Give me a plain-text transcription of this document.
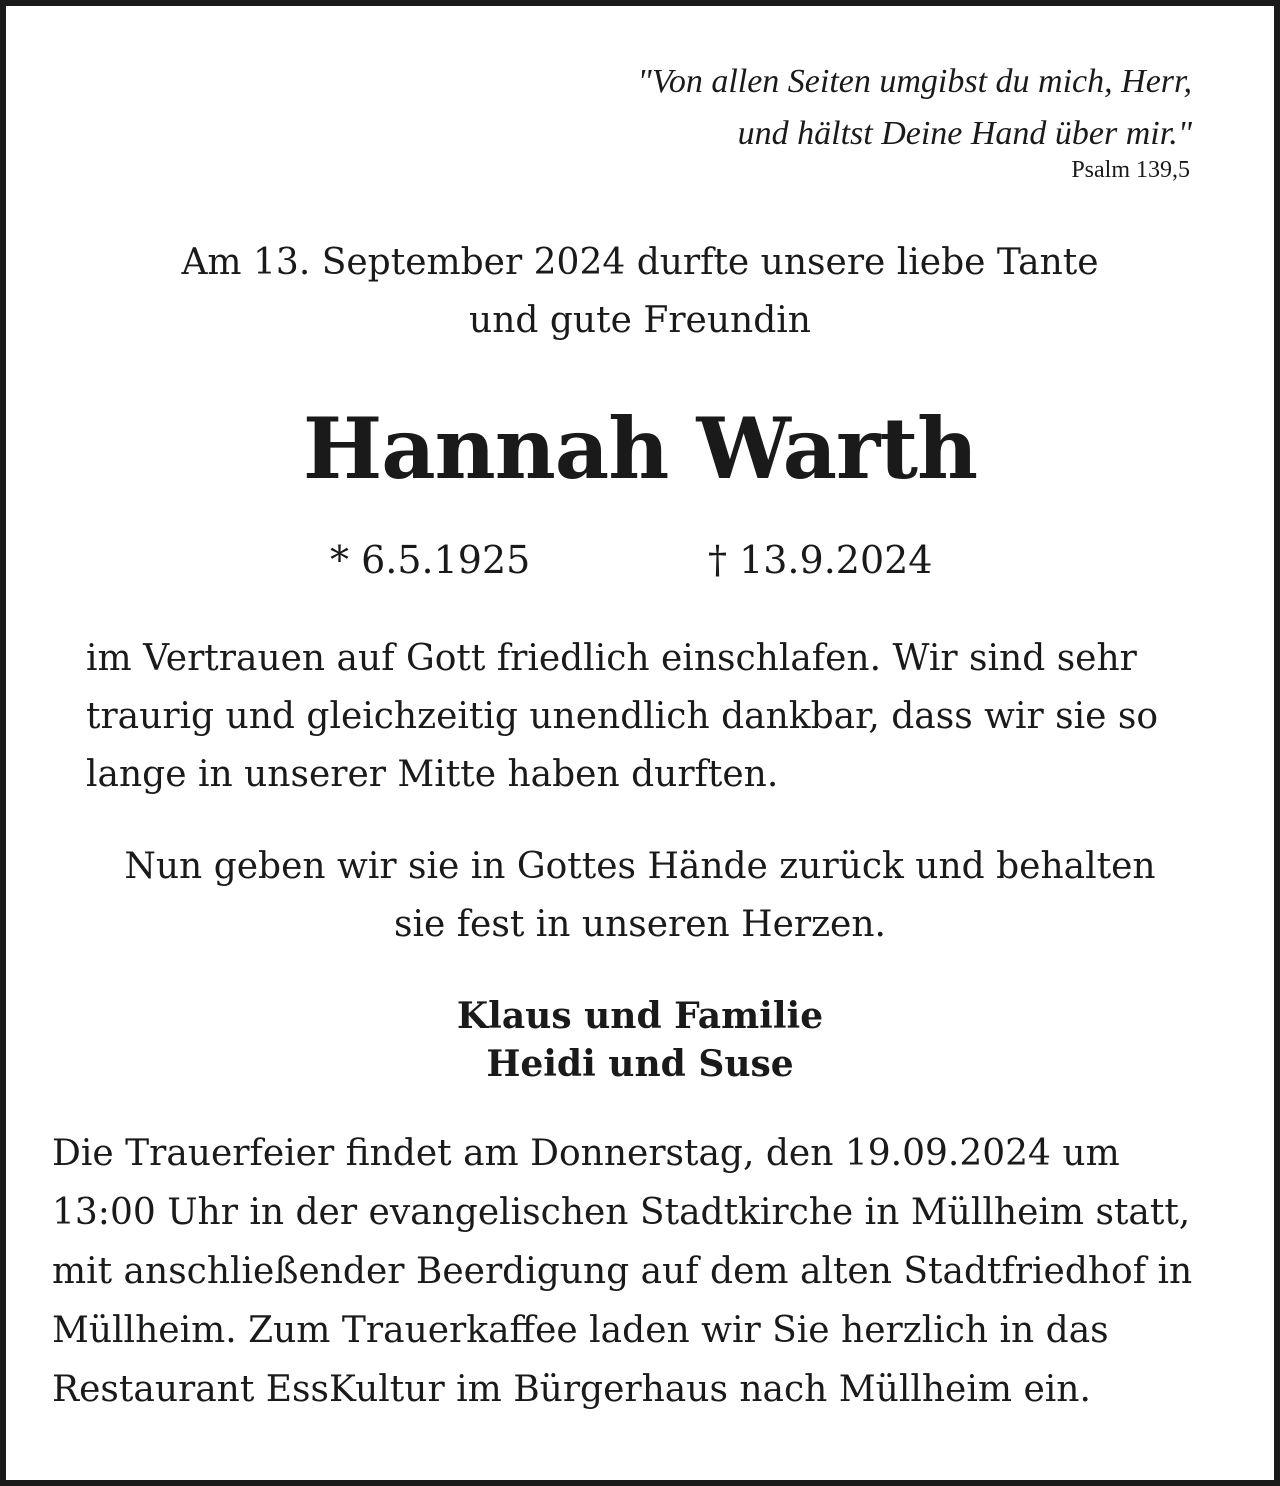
"Von allen Seiten umgibst du mich, Herr,
und hältst Deine Hand über mir."
Psalm 139,5
Am 13. September 2024 durfte unsere liebe Tante
und gute Freundin
Hannah Warth
* 6.5.1925	† 13.9.2024
im Vertrauen auf Gott friedlich einschlafen. Wir sind sehr
traurig und gleichzeitig unendlich dankbar, dass wir sie so
lange in unserer Mitte haben durften.
Nun geben wir sie in Gottes Hände zurück und behalten
sie fest in unseren Herzen.
Klaus und Familie
Heidi und Suse
Die Trauerfeier findet am Donnerstag, den 19.09.2024 um
13:00 Uhr in der evangelischen Stadtkirche in Müllheim statt,
mit anschließender Beerdigung auf dem alten Stadtfriedhof in
Müllheim. Zum Trauerkaffee laden wir Sie herzlich in das
Restaurant EssKultur im Bürgerhaus nach Müllheim ein.
